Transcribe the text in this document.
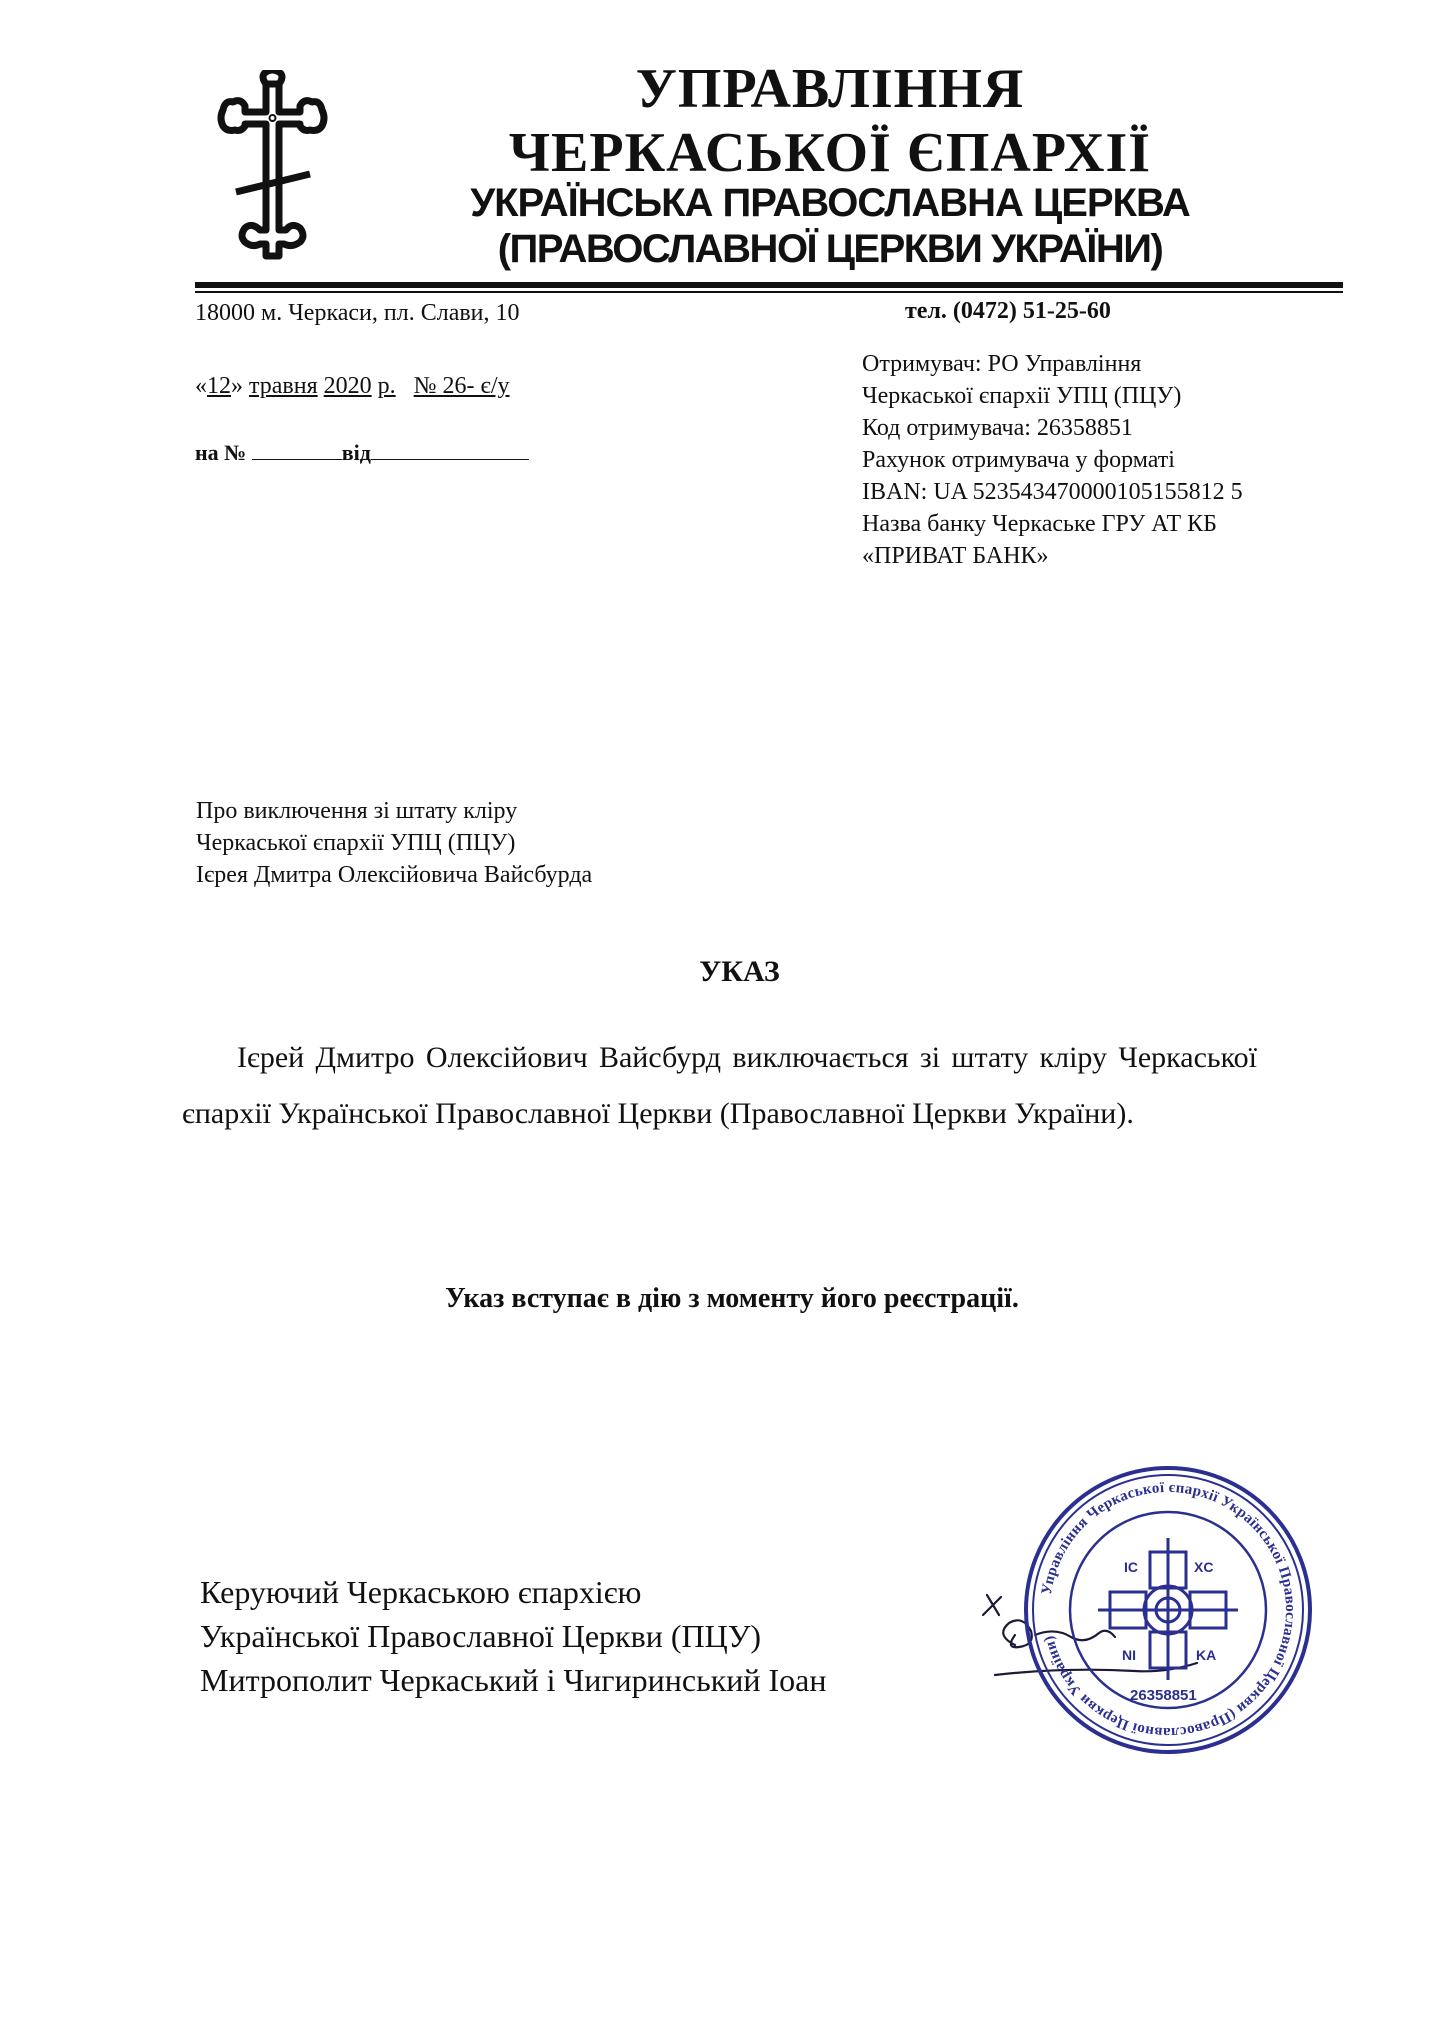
УПРАВЛІННЯ
ЧЕРКАСЬКОЇ ЄПАРХІЇ
УКРАЇНСЬКА ПРАВОСЛАВНА ЦЕРКВА
(ПРАВОСЛАВНОЇ ЦЕРКВИ УКРАЇНИ)
18000 м. Черкаси, пл. Слави, 10	тел. (0472) 51-25-60
«12» травня 2020 р. № 26- є/у
на №	від
Отримувач: РО Управління
Черкаської єпархії УПЦ (ПЦУ)
Код отримувача: 26358851
Рахунок отримувача у форматі
IBAN: UA 523543470000105155812 5
Назва банку Черкаське ГРУ АТ КБ
«ПРИВАТ БАНК»
Про виключення зі штату кліру
Черкаської єпархії УПЦ (ПЦУ)
Ієрея Дмитра Олексійовича Вайсбурда
УКАЗ
Ієрей Дмитро Олексійович Вайсбурд виключається зі штату кліру Черкаської єпархії Української Православної Церкви (Православної Церкви України).
Указ вступає в дію з моменту його реєстрації.
Керуючий Черкаською єпархією
Української Православної Церкви (ПЦУ)
Митрополит Черкаський і Чигиринський Іоан
Управління Черкаської єпархії Української Православної Церкви (Православної Церкви України)
IC	XC
NI	KA
26358851
